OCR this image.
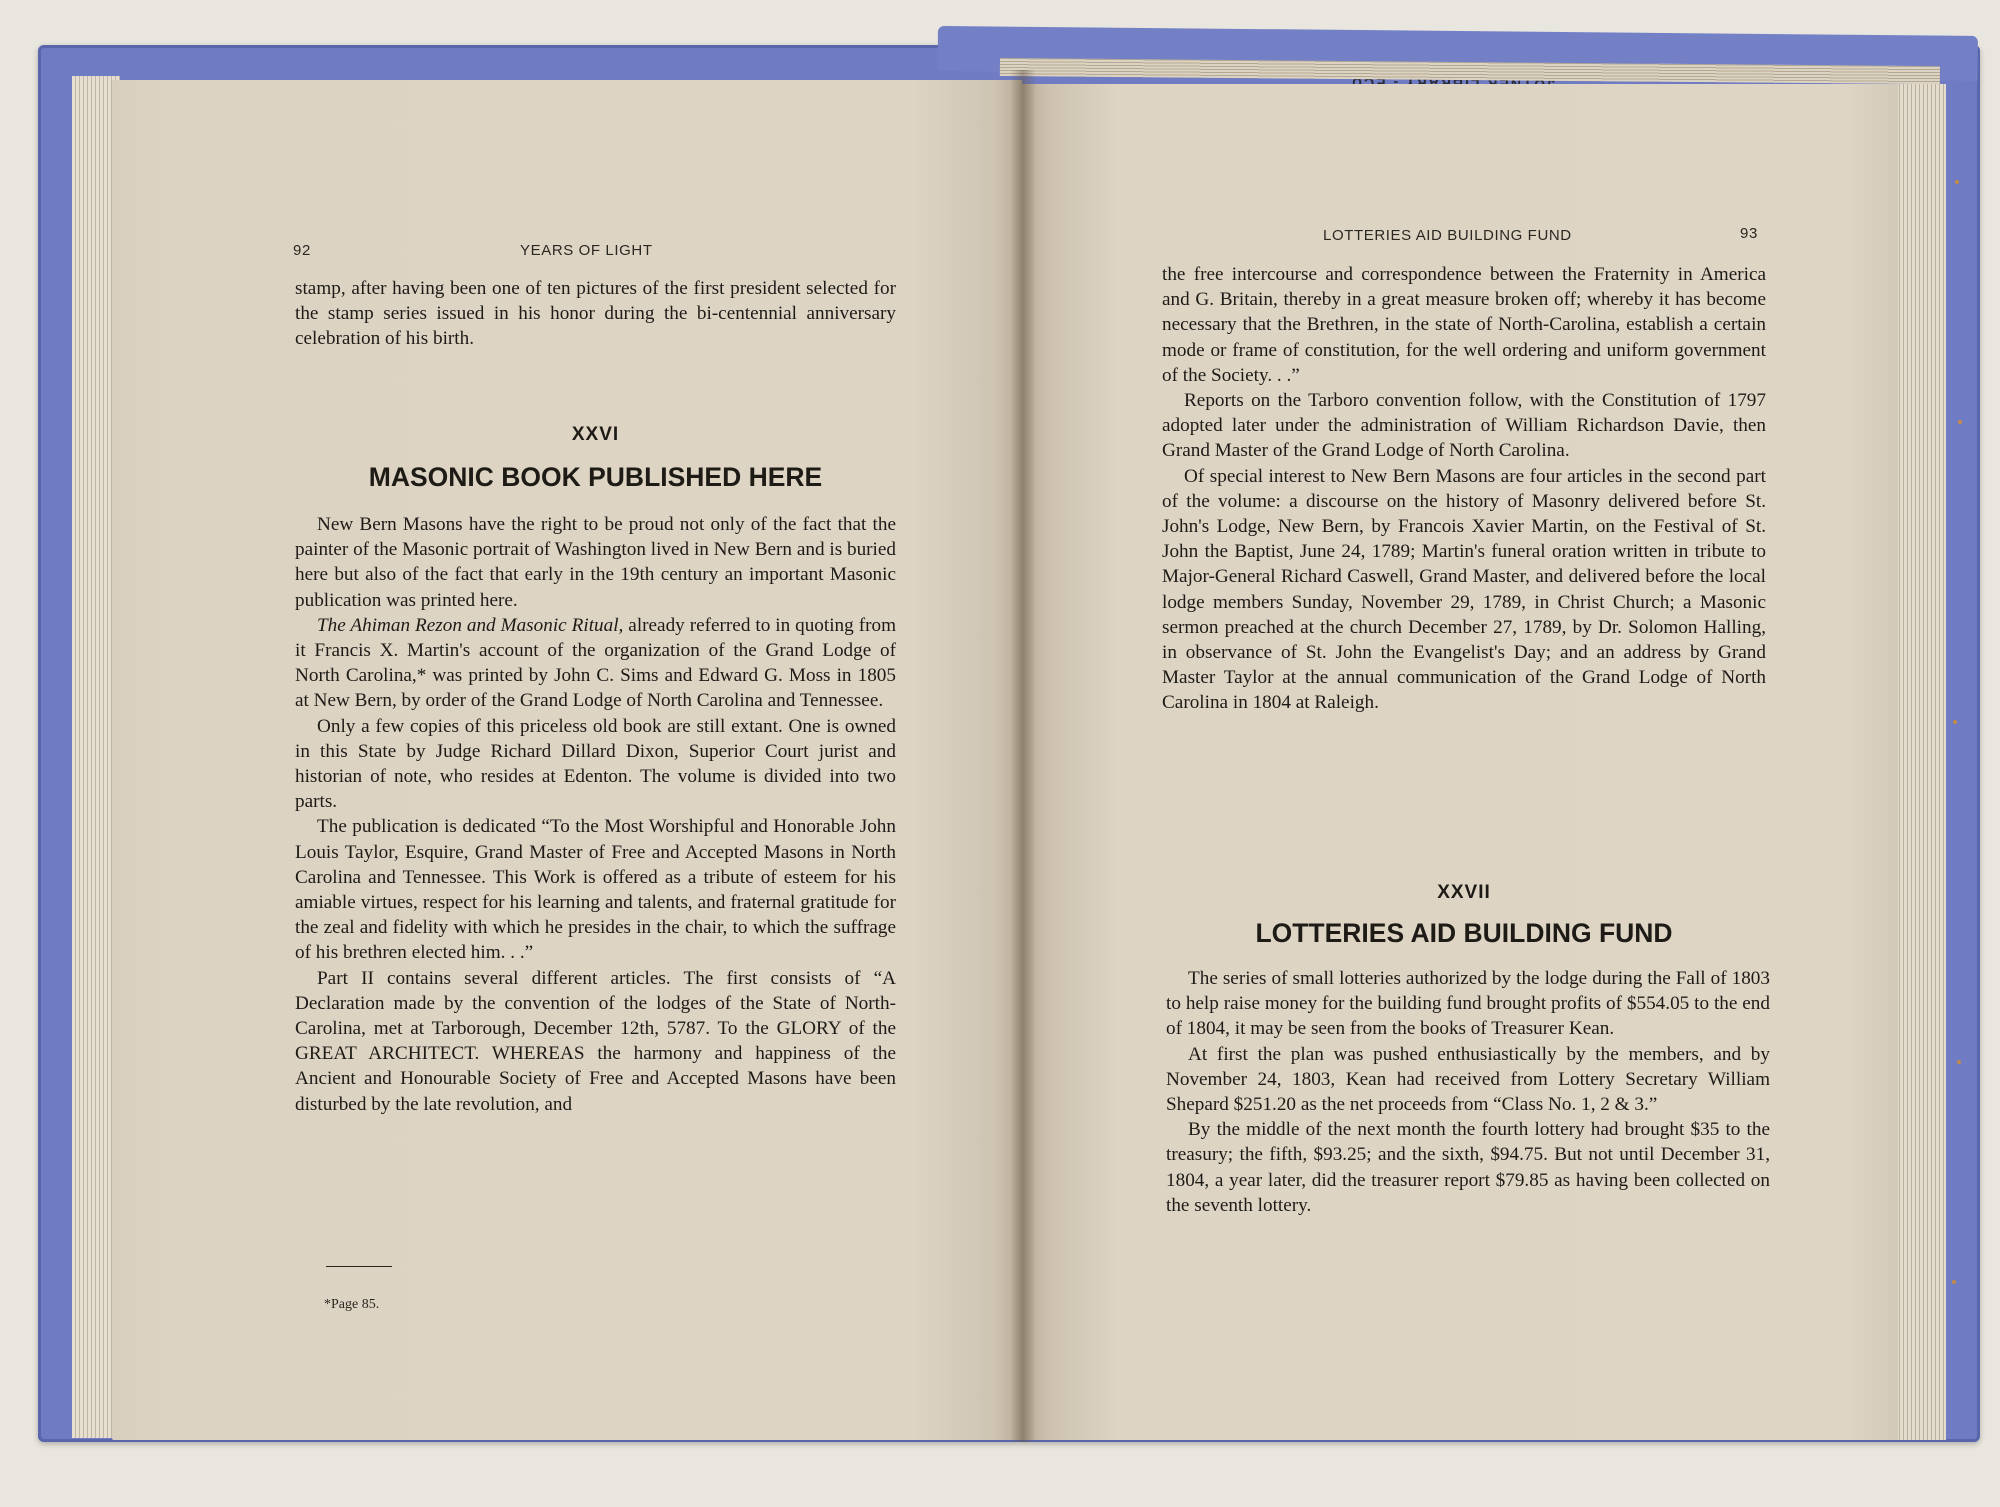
92	YEARS OF LIGHT

stamp, after having been one of ten pictures of the first president selected for the stamp series issued in his honor during the bi-centennial anniversary celebration of his birth.

XXVI
MASONIC BOOK PUBLISHED HERE

New Bern Masons have the right to be proud not only of the fact that the painter of the Masonic portrait of Washington lived in New Bern and is buried here but also of the fact that early in the 19th century an important Masonic publication was printed here.

The Ahiman Rezon and Masonic Ritual, already referred to in quoting from it Francis X. Martin's account of the organization of the Grand Lodge of North Carolina,* was printed by John C. Sims and Edward G. Moss in 1805 at New Bern, by order of the Grand Lodge of North Carolina and Tennessee.

Only a few copies of this priceless old book are still extant. One is owned in this State by Judge Richard Dillard Dixon, Superior Court jurist and historian of note, who resides at Edenton. The volume is divided into two parts.

The publication is dedicated “To the Most Worshipful and Honorable John Louis Taylor, Esquire, Grand Master of Free and Accepted Masons in North Carolina and Tennessee. This Work is offered as a tribute of esteem for his amiable virtues, respect for his learning and talents, and fraternal gratitude for the zeal and fidelity with which he presides in the chair, to which the suffrage of his brethren elected him. . .”

Part II contains several different articles. The first consists of “A Declaration made by the convention of the lodges of the State of North-Carolina, met at Tarborough, December 12th, 5787. To the GLORY of the GREAT ARCHITECT. WHEREAS the harmony and happiness of the Ancient and Honourable Society of Free and Accepted Masons have been disturbed by the late revolution, and

*Page 85.
LOTTERIES AID BUILDING FUND	93

the free intercourse and correspondence between the Fraternity in America and G. Britain, thereby in a great measure broken off; whereby it has become necessary that the Brethren, in the state of North-Carolina, establish a certain mode or frame of constitution, for the well ordering and uniform government of the Society. . .”

Reports on the Tarboro convention follow, with the Constitution of 1797 adopted later under the administration of William Richardson Davie, then Grand Master of the Grand Lodge of North Carolina.

Of special interest to New Bern Masons are four articles in the second part of the volume: a discourse on the history of Masonry delivered before St. John's Lodge, New Bern, by Francois Xavier Martin, on the Festival of St. John the Baptist, June 24, 1789; Martin's funeral oration written in tribute to Major-General Richard Caswell, Grand Master, and delivered before the local lodge members Sunday, November 29, 1789, in Christ Church; a Masonic sermon preached at the church December 27, 1789, by Dr. Solomon Halling, in observance of St. John the Evangelist's Day; and an address by Grand Master Taylor at the annual communication of the Grand Lodge of North Carolina in 1804 at Raleigh.

XXVII
LOTTERIES AID BUILDING FUND

The series of small lotteries authorized by the lodge during the Fall of 1803 to help raise money for the building fund brought profits of $554.05 to the end of 1804, it may be seen from the books of Treasurer Kean.

At first the plan was pushed enthusiastically by the members, and by November 24, 1803, Kean had received from Lottery Secretary William Shepard $251.20 as the net proceeds from “Class No. 1, 2 & 3.”

By the middle of the next month the fourth lottery had brought $35 to the treasury; the fifth, $93.25; and the sixth, $94.75. But not until December 31, 1804, a year later, did the treasurer report $79.85 as having been collected on the seventh lottery.
